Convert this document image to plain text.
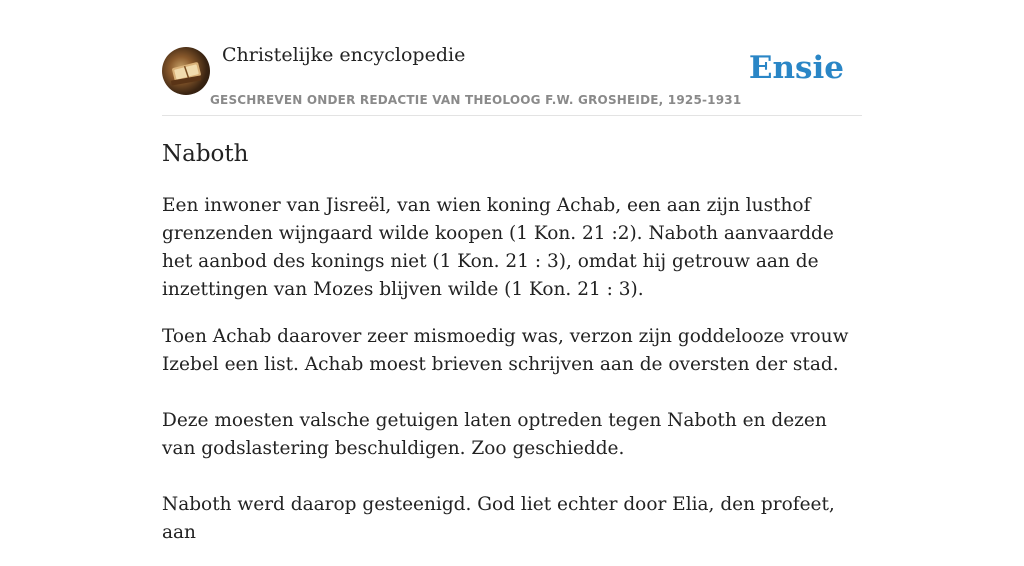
Christelijke encyclopedie
GESCHREVEN ONDER REDACTIE VAN THEOLOOG F.W. GROSHEIDE, 1925-1931
Ensie
Naboth

Een inwoner van Jisreël, van wien koning Achab, een aan zijn lusthof grenzenden wijngaard wilde koopen (1 Kon. 21 :2). Naboth aanvaardde het aanbod des konings niet (1 Kon. 21 : 3), omdat hij getrouw aan de inzettingen van Mozes blijven wilde (1 Kon. 21 : 3).

Toen Achab daarover zeer mismoedig was, verzon zijn goddelooze vrouw Izebel een list. Achab moest brieven schrijven aan de oversten der stad.

Deze moesten valsche getuigen laten optreden tegen Naboth en dezen van godslastering beschuldigen. Zoo geschiedde.

Naboth werd daarop gesteenigd. God liet echter door Elia, den profeet, aan
